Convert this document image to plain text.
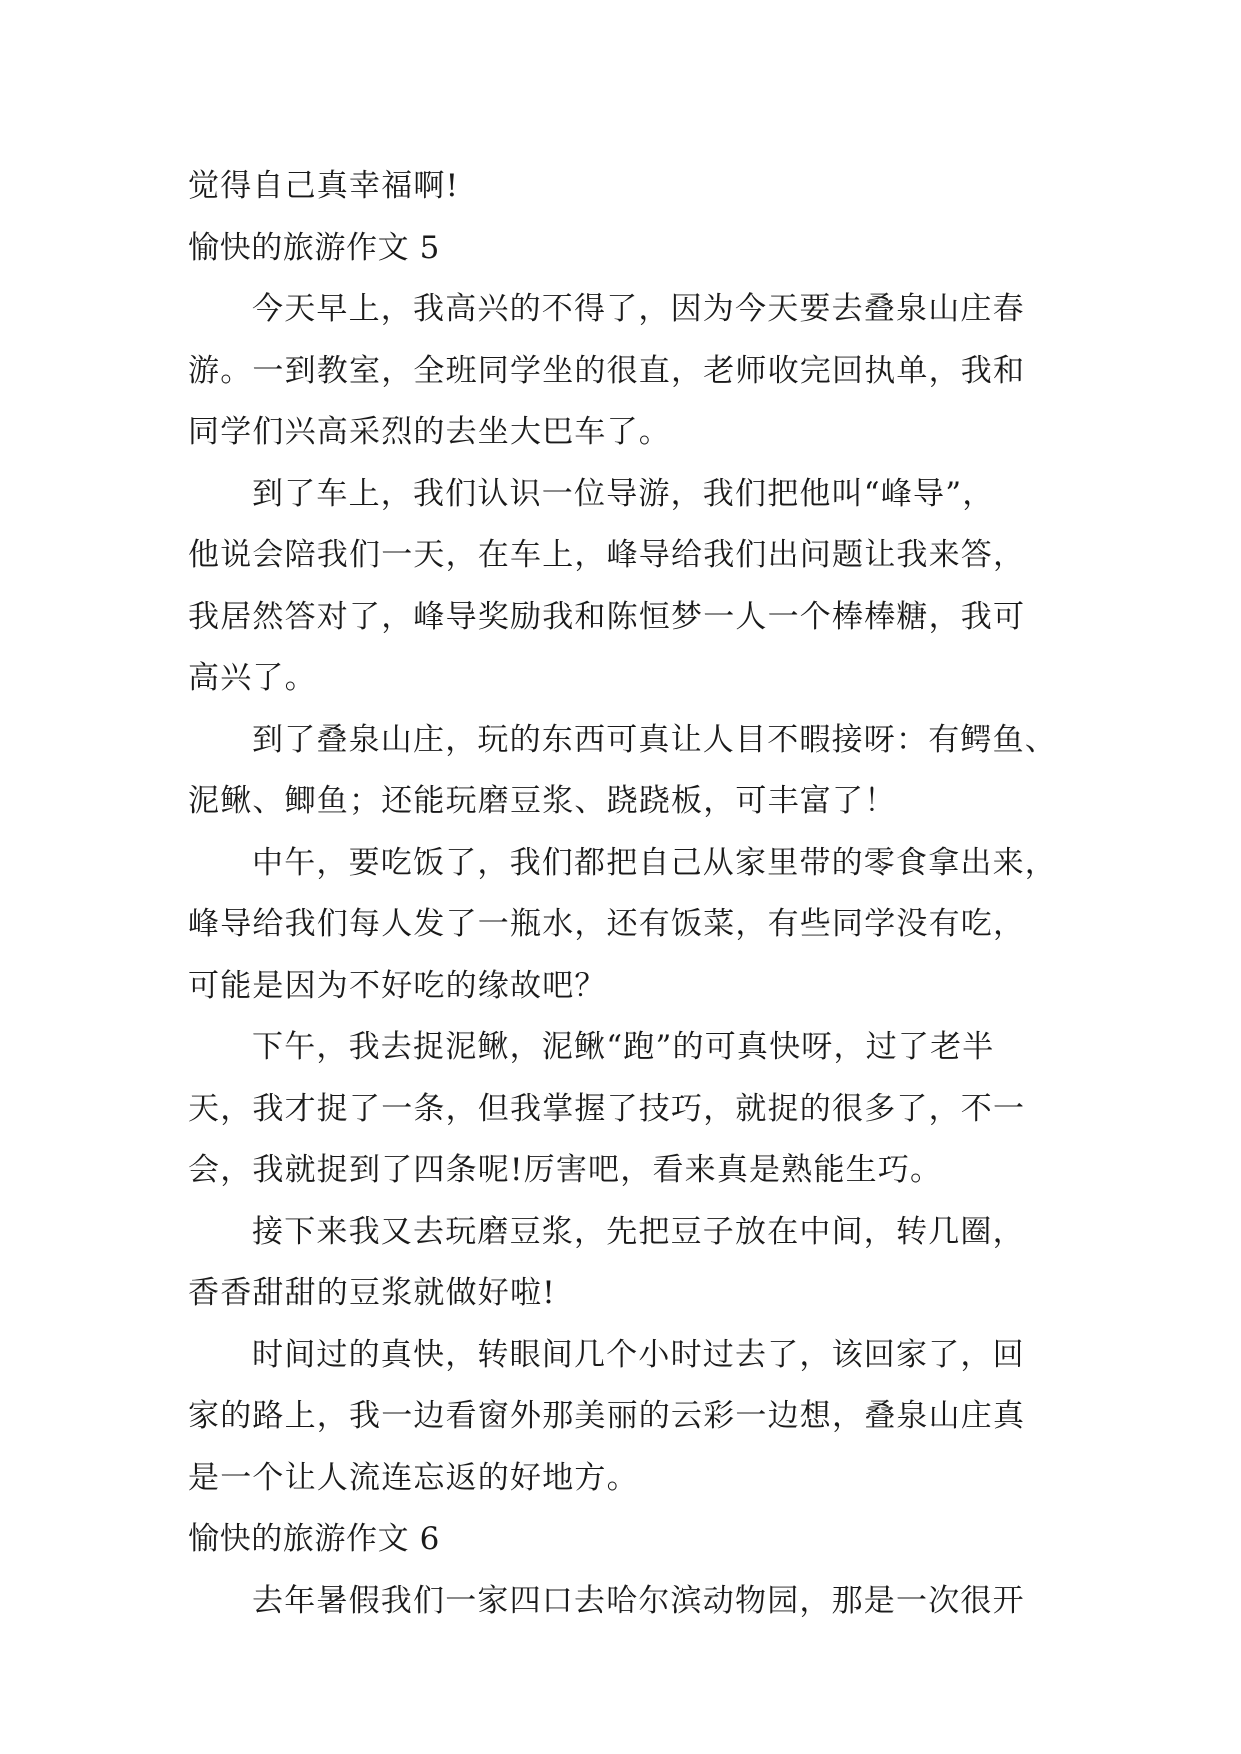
觉得自己真幸福啊!
愉快的旅游作文 5
今天早上，我高兴的不得了，因为今天要去叠泉山庄春
游。一到教室，全班同学坐的很直，老师收完回执单，我和
同学们兴高采烈的去坐大巴车了。
到了车上，我们认识一位导游，我们把他叫“峰导”，
他说会陪我们一天，在车上，峰导给我们出问题让我来答，
我居然答对了，峰导奖励我和陈恒梦一人一个棒棒糖，我可
高兴了。
到了叠泉山庄，玩的东西可真让人目不暇接呀：有鳄鱼、
泥鳅、鲫鱼；还能玩磨豆浆、跷跷板，可丰富了！
中午，要吃饭了，我们都把自己从家里带的零食拿出来，
峰导给我们每人发了一瓶水，还有饭菜，有些同学没有吃，
可能是因为不好吃的缘故吧？
下午，我去捉泥鳅，泥鳅“跑”的可真快呀，过了老半
天，我才捉了一条，但我掌握了技巧，就捉的很多了，不一
会，我就捉到了四条呢!厉害吧，看来真是熟能生巧。
接下来我又去玩磨豆浆，先把豆子放在中间，转几圈，
香香甜甜的豆浆就做好啦!
时间过的真快，转眼间几个小时过去了，该回家了，回
家的路上，我一边看窗外那美丽的云彩一边想，叠泉山庄真
是一个让人流连忘返的好地方。
愉快的旅游作文 6
去年暑假我们一家四口去哈尔滨动物园，那是一次很开
